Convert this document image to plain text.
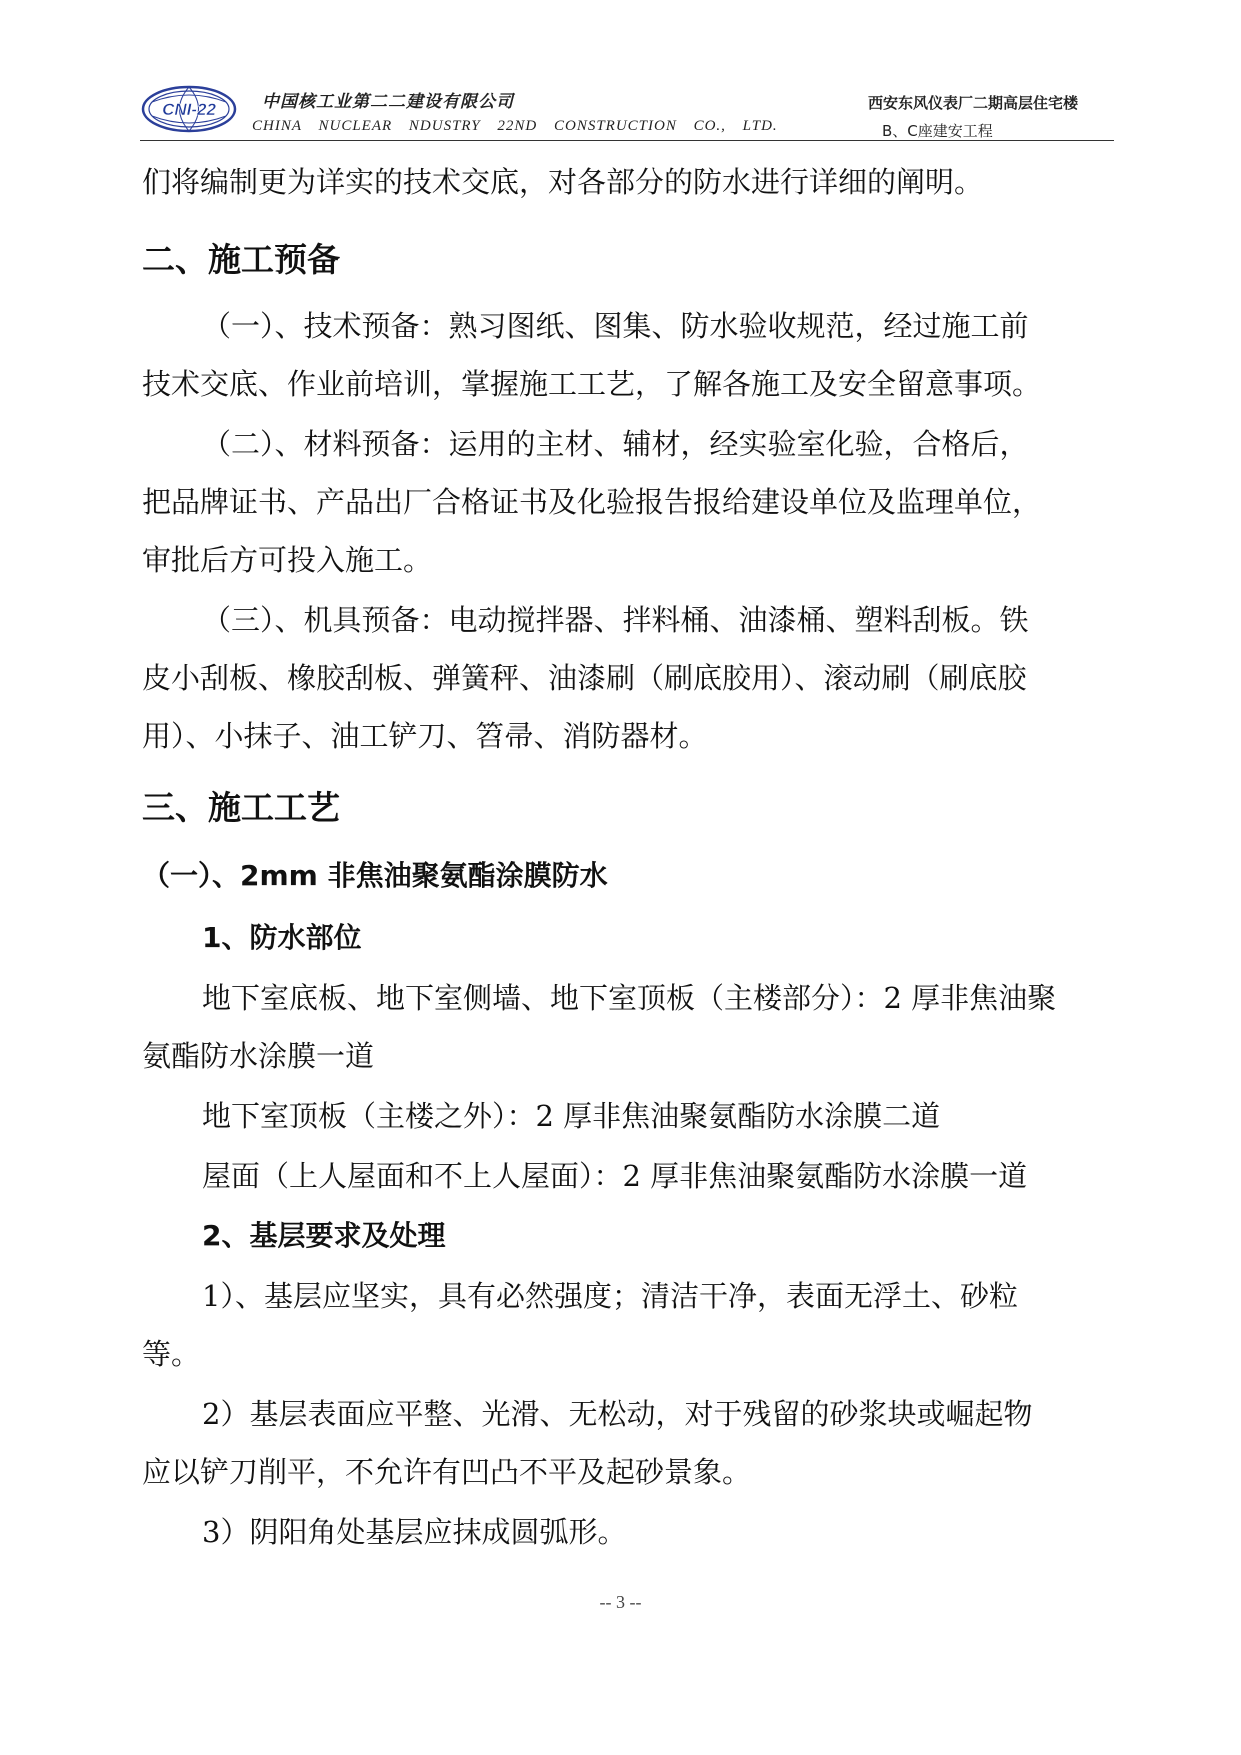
CNI-22	中国核工业第二二建设有限公司
CHINA NUCLEAR NDUSTRY 22ND CONSTRUCTION CO., LTD.
西安东风仪表厂二期高层住宅楼
B、C座建安工程
们将编制更为详实的技术交底，对各部分的防水进行详细的阐明。
二、施工预备
（一）、技术预备：熟习图纸、图集、防水验收规范，经过施工前
技术交底、作业前培训，掌握施工工艺，了解各施工及安全留意事项。
（二）、材料预备：运用的主材、辅材，经实验室化验，合格后，
把品牌证书、产品出厂合格证书及化验报告报给建设单位及监理单位，
审批后方可投入施工。
（三）、机具预备：电动搅拌器、拌料桶、油漆桶、塑料刮板。铁
皮小刮板、橡胶刮板、弹簧秤、油漆刷（刷底胶用）、滚动刷（刷底胶
用）、小抹子、油工铲刀、笤帚、消防器材。
三、施工工艺
（一）、2mm 非焦油聚氨酯涂膜防水
1、防水部位
地下室底板、地下室侧墙、地下室顶板（主楼部分）：2 厚非焦油聚
氨酯防水涂膜一道
地下室顶板（主楼之外）：2 厚非焦油聚氨酯防水涂膜二道
屋面（上人屋面和不上人屋面）：2 厚非焦油聚氨酯防水涂膜一道
2、基层要求及处理
1）、基层应坚实，具有必然强度；清洁干净，表面无浮土、砂粒
等。
2）基层表面应平整、光滑、无松动，对于残留的砂浆块或崛起物
应以铲刀削平，不允许有凹凸不平及起砂景象。
3）阴阳角处基层应抹成圆弧形。
-- 3 --
